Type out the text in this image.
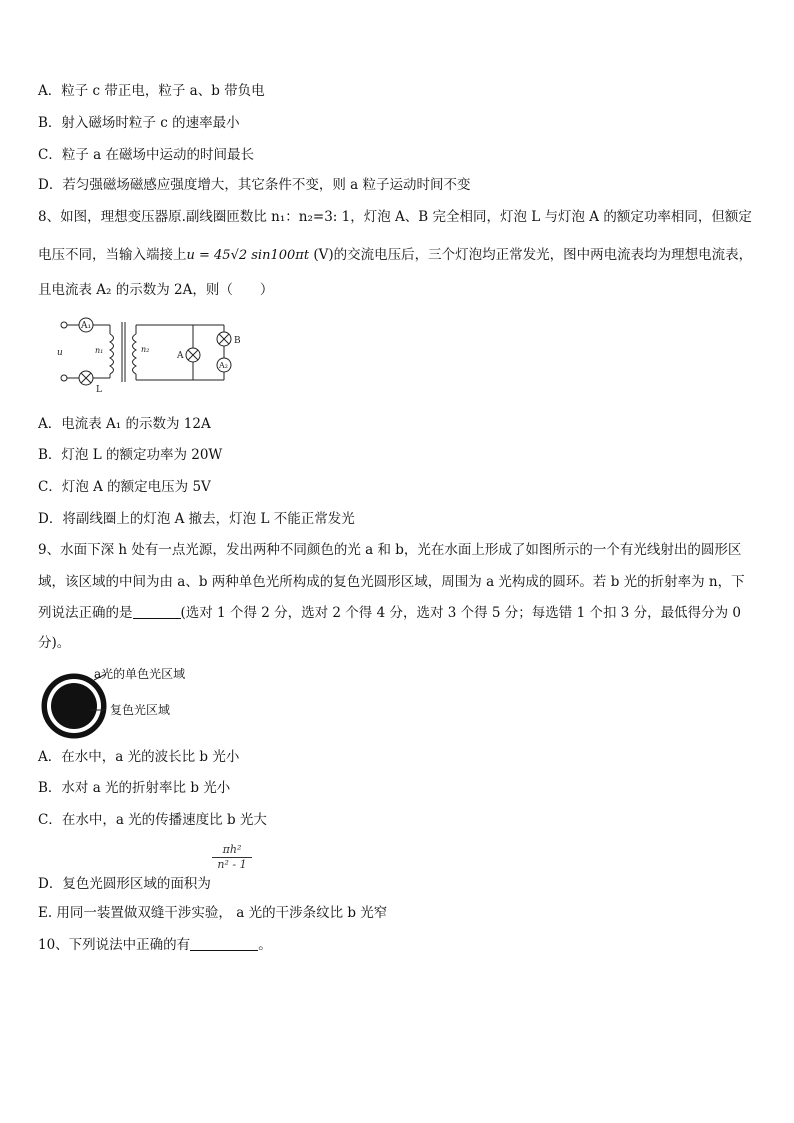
A．粒子 c 带正电，粒子 a、b 带负电
B．射入磁场时粒子 c 的速率最小
C．粒子 a 在磁场中运动的时间最长
D．若匀强磁场磁感应强度增大，其它条件不变，则 a 粒子运动时间不变
8、如图，理想变压器原.副线圈匝数比 n₁：n₂=3: 1，灯泡 A、B 完全相同，灯泡 L 与灯泡 A 的额定功率相同，但额定
电压不同，当输入端接上u = 45√2 sin100πt (V)的交流电压后，三个灯泡均正常发光，图中两电流表均为理想电流表，
且电流表 A₂ 的示数为 2A，则（　　）
A₁
u	n₁	n₂
A
B
A₂
L
A．电流表 A₁ 的示数为 12A
B．灯泡 L 的额定功率为 20W
C．灯泡 A 的额定电压为 5V
D．将副线圈上的灯泡 A 撤去，灯泡 L 不能正常发光
9、水面下深 h 处有一点光源，发出两种不同颜色的光 a 和 b，光在水面上形成了如图所示的一个有光线射出的圆形区
域，该区域的中间为由 a、b 两种单色光所构成的复色光圆形区域，周围为 a 光构成的圆环。若 b 光的折射率为 n，下
列说法正确的是	(选对 1 个得 2 分，选对 2 个得 4 分，选对 3 个得 5 分；每选错 1 个扣 3 分，最低得分为 0
分)。
a光的单色光区域
复色光区域
A．在水中，a 光的波长比 b 光小
B．水对 a 光的折射率比 b 光小
C．在水中，a 光的传播速度比 b 光大
$\frac{\text{πh²}}{\text{n² - 1}}$
D．复色光圆形区域的面积为
E. 用同一装置做双缝干涉实验， a 光的干涉条纹比 b 光窄
10、下列说法中正确的有	。
